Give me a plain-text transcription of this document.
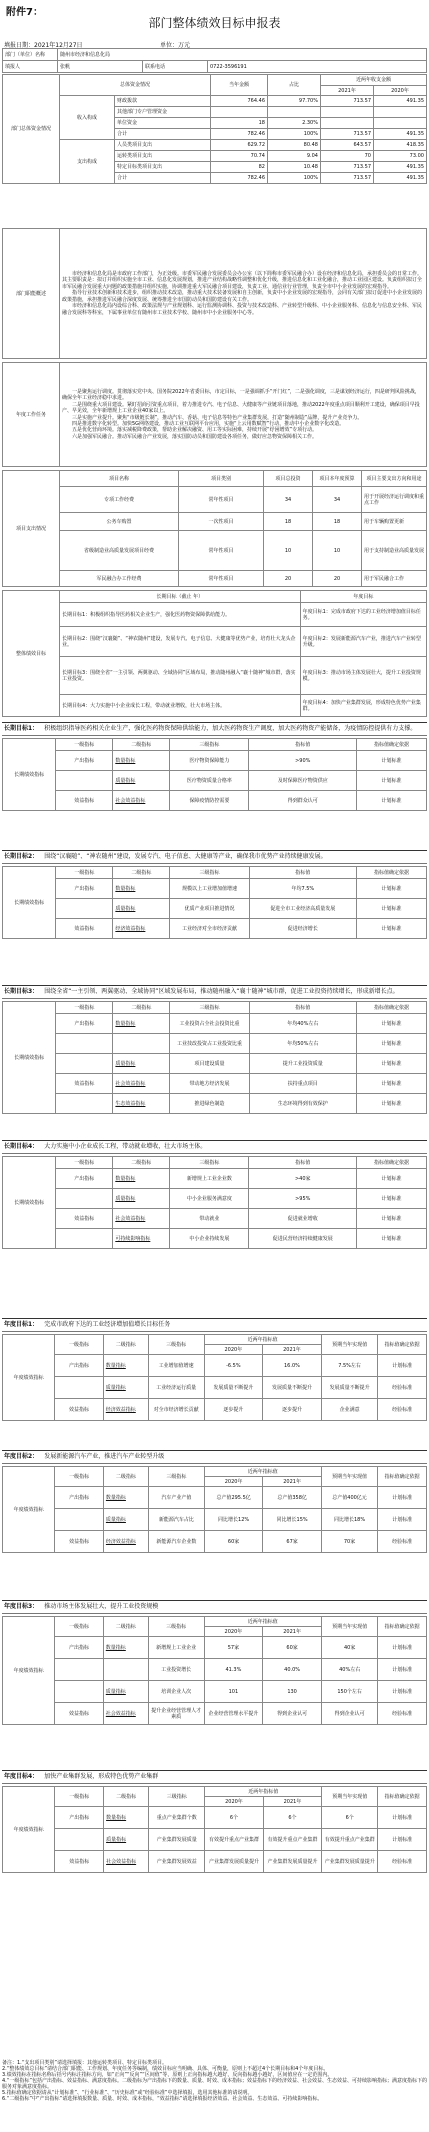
附件7：
部门整体绩效目标申报表
填报日期：2021年12月27日	单位：万元
部门（单位）名称	随州市经济和信息化局		
填报人	张帆	联系电话	0722-3596191
部门总体资金情况	总体资金情况		当年金额	占比	近两年收支金额	
					2021年	2020年
	收入构成	财政拨款	764.46	97.70%	713.57	491.35
		其他部门专户管理资金				
		单位资金	18	2.30%		
		合计	782.46	100%	713.57	491.35
	支出构成	人员类项目支出	629.72	80.48	643.57	418.35
		运转类项目支出	70.74	9.04	70	73.00
		特定目标类项目支出	82	10.48	713.57	491.35
		合计	782.46	100%	713.57	491.35
部门职能概述	
市经济和信息化局是市政府工作部门，为正处级。市委军民融合发展委员会办公室（以下简称市委军民融合办）设在经济和信息化局，承担委员会的日常工作。其主要职责是：拟订并组织实施全市工业、信息化发展规划，推进产业结构战略性调整和优化升级，推进信息化和工业化融合，推动工业园区建设。负责组织拟订全市军民融合发展重大问题的政策措施并组织实施，协调推进重大军民融合项目建设，负责工业、通信业行业管理，负责全市中小企业发展的宏观指导。
指导行业技术创新和技术进步，组织推动技术改造，推动重大技术装备发展和自主创新，负责中小企业发展的宏观指导，会同有关部门拟订促进中小企业发展的政策措施，承担推进军民融合深度发展、统筹推进全市国防动员和国防建设有关工作。
市经济和信息化局内设综合科、政策法规与产业规划科、运行监测协调科、投资与技术改造科、产业转型升级科、中小企业服务科、信息化与信息安全科、军民融合发展科等科室，下属事业单位有随州市工业技术学校、随州市中小企业服务中心等。
年度工作任务	
一是聚焦运行调度。贯彻落实党中央、国务院2022年省委目标，市定目标，一是强调抓手“开门红”，二是强化调度，三是谋划经济运行，四是研判风险挑战，确保全年工业经济稳中求进。
二是围绕重大项目建设。紧盯招商引资重点项目，着力推进专汽、电子信息、大健康等产业链项目落地，推动2022年度重点项目顺利开工建设，确保项目早投产、早见效，全年新增规上工业企业40家以上。
三是实施产业提升。聚焦“市级链长制”，推动汽车、香菇、电子信息等特色产业集群发展，打造“随州制造”品牌，提升产业竞争力。
四是推进数字化转型。加快5G网络建设，推动工业互联网平台应用，实施“上云用数赋智”行动，推动中小企业数字化改造。
五是优化营商环境。落实减税降费政策，帮助企业解决融资、用工等实际困难，持续开展“纾困增效”专项行动。
六是加强军民融合。推动军民融合产业发展，落实国防动员和国防建设各项任务，做好应急物资保障相关工作。
项目支出情况	项目名称	项目类别	项目总投资	项目本年度预算	项目主要支出方向和用途
	专项工作经费	常年性项目	34	34	用于开展经济运行调度和重点工作
	公务车购置	一次性项目	18	18	用于车辆购置更新
	省级制造业高质量发展项目经费	常年性项目	10	10	用于支持制造业高质量发展
	军民融合办工作经费	常年性项目	20	20	用于军民融合工作
整体绩效目标	长期目标（截止 年）	年度目标
	长期目标1：积极组织指导医药相关企业生产，强化医药物资保障供给能力。	年度目标1：完成市政府下达的工业经济增加值目标任务。
	长期目标2：围绕“汉襄随”、“神农随州”建设，发展专汽、电子信息、大健康等优势产业，培育壮大龙头企业。	年度目标2：发展新能源汽车产业，推进汽车产业转型升级。
	长期目标3：围绕全省“一主引领、两翼驱动、全域协同”区域布局，推动随州融入“襄十随神”城市群，落实工业投资。	年度目标3：推动市场主体发展壮大，提升工业投资规模。
	长期目标4：大力实施中小企业成长工程，带动就业增收，壮大市场主体。	年度目标4：加快产业集群发展，形成特色优势产业集群。
长期目标1： 积极组织指导医药相关企业生产，强化医药物资保障供给能力，加大医药物资生产调度，加大医药物资产能储备，为疫情防控提供有力支撑。
长期绩效指标	一级指标	二级指标	三级指标	指标值	指标值确定依据
	产出指标	数量指标	医疗物资保障能力	>90%	计划标准
		质量指标	医疗物资质量合格率	及时保障医疗物资供应	计划标准
	效益指标	社会效益指标	保障疫情防控需要	得到群众认可	计划标准
长期目标2： 围绕“汉襄随”、“神农随州”建设，发展专汽、电子信息、大健康等产业，确保我市优势产业持续健康发展。
长期绩效指标	一级指标	二级指标	三级指标	指标值	指标值确定依据
	产出指标	数量指标	规模以上工业增加值增速	年均7.5%	计划标准
		质量指标	优质产业项目推进情况	促进全市工业经济高质量发展	计划标准
	效益指标	经济效益指标	工业经济对全市经济贡献	促进经济增长	计划标准
长期目标3： 围绕全省“一主引领、两翼驱动、全域协同”区域发展布局，推动随州融入“襄十随神”城市群，促进工业投资持续增长，形成新增长点。
长期绩效指标	一级指标	二级指标	三级指标	指标值	指标值确定依据
	产出指标	数量指标	工业投资占全社会投资比重	年均40%左右	计划标准
			工业技改投资占工业投资比重	年均50%左右	计划标准
		质量指标	项目建设质量	提升工业投资质量	计划标准
	效益指标	社会效益指标	带动地方经济发展	扶持重点项目	计划标准
		生态效益指标	推进绿色制造	生态环境得到有效保护	计划标准
长期目标4： 大力实施中小企业成长工程，带动就业增收，壮大市场主体。
长期绩效指标	一级指标	二级指标	三级指标	指标值	指标值确定依据
	产出指标	数量指标	新增规上工业企业数	>40家	计划标准
		质量指标	中小企业服务满意度	>95%	计划标准
	效益指标	社会效益指标	带动就业	促进就业增收	计划标准
		可持续影响指标	中小企业持续发展	促进民营经济持续健康发展	计划标准
年度目标1： 完成市政府下达的工业经济增加值增长目标任务
年度绩效指标	一级指标	二级指标	三级指标	近两年指标值		预期当年实现值	指标值确定依据
				2020年	2021年		
	产出指标	数量指标	工业增加值增速	-6.5%	16.0%	7.5%左右	计划标准
		质量指标	工业经济运行质量	发展质量不断提升	发展质量不断提升	发展质量不断提升	经验标准
	效益指标	经济效益指标	对全市经济增长贡献	逐步提升	逐步提升	企业满意	经验标准
年度目标2： 发展新能源汽车产业，推进汽车产业转型升级
年度绩效指标	一级指标	二级指标	三级指标	近两年指标值		预期当年实现值	指标值确定依据
				2020年	2021年		
	产出指标	数量指标	汽车产业产值	总产值295.5亿	总产值358亿	总产值400亿元	计划标准
		质量指标	新能源汽车占比	同比增长12%	同比增长15%	同比增长18%	计划标准
	效益指标	经济效益指标	新能源汽车企业数	60家	67家	70家	经验标准
年度目标3： 推动市场主体发展壮大，提升工业投资规模
年度绩效指标	一级指标	二级指标	三级指标	近两年指标值		预期当年实现值	指标值确定依据
				2020年	2021年		
	产出指标	数量指标	新增规上工业企业	57家	60家	40家	计划标准
			工业投资增长	41.3%	40.0%	40%左右	计划标准
		质量指标	培训企业人次	101	130	150个左右	计划标准
	效益指标	社会效益指标	提升企业经营管理人才素质	企业经营管理水平提升	得到企业认可	得到企业认可	经验标准
年度目标4： 加快产业集群发展，形成特色优势产业集群
年度绩效指标	一级指标	二级指标	三级指标	近两年指标值		预期当年实现值	指标值确定依据
				2020年	2021年		
	产出指标	数量指标	重点产业集群个数	6个	6个	6个	计划标准
		质量指标	产业集群发展质量	有效提升重点产业集群	有效提升重点产业集群	有效提升重点产业集群	计划标准
	效益指标	社会效益指标	产业集群发展效益	产业集群发展质量提升	产业集群发展质量提升	产业集群发展质量提升	经验标准
备注：1.“支出项目类别”请选择填报：其他运转类项目、特定目标类项目。
2.“整体绩效总目标”请结合部门职能、工作规划、年度任务等编制，绩效目标应当明确、具体、可衡量，原则上不超过4个长期目标和4个年度目标。
3.绩效指标在指标名称后括号内标注指标方向，如“正向”“反向”“区间值”等，原则上正向指标越大越好，反向指标越小越好，区间值应在一定范围内。
4.“一级指标”包括产出指标、效益指标、满意度指标。二级指标为产出指标下的数量、质量、时效、成本指标；效益指标下的经济效益、社会效益、生态效益、可持续影响指标；满意度指标下的服务对象满意度指标。
5.指标值确定依据请从“计划标准”、“行业标准”、“历史标准”或“经验标准”中选择填报，选用其他标准的请说明。
6.“二级指标”中“产出指标”请选择填报数量、质量、时效、成本指标，“效益指标”请选择填报经济效益、社会效益、生态效益、可持续影响指标。
